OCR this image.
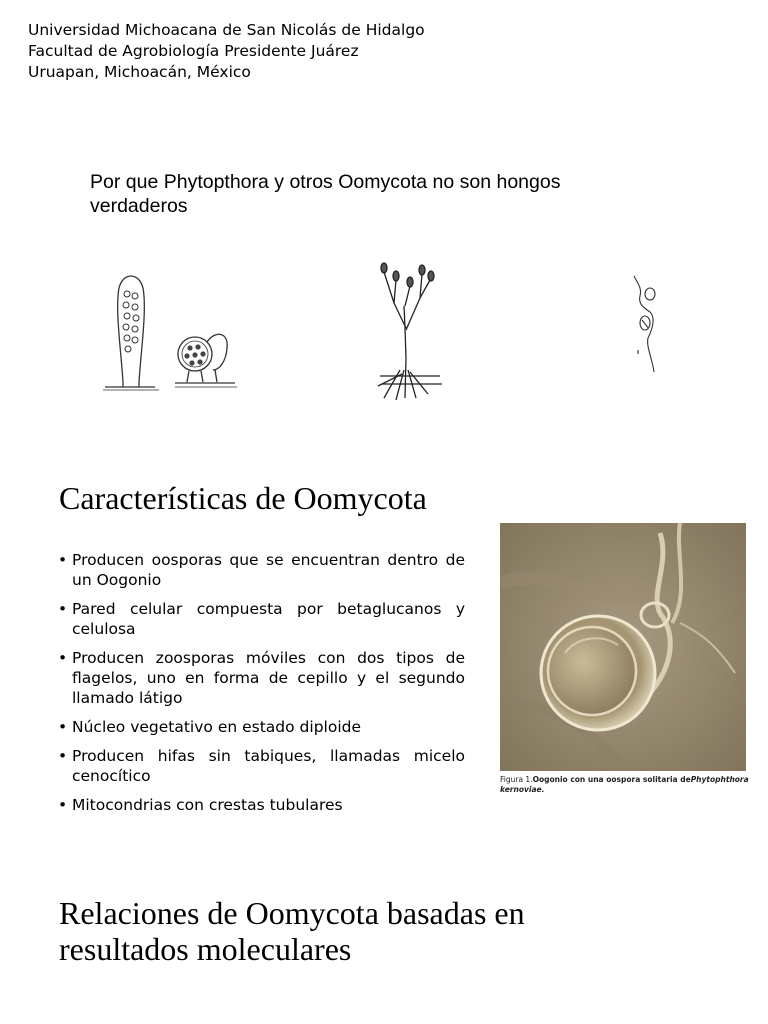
Universidad Michoacana de San Nicolás de Hidalgo
Facultad de Agrobiología Presidente Juárez
Uruapan, Michoacán, México
Por que Phytopthora y otros Oomycota no son hongos verdaderos
Características de Oomycota
• Producen oosporas que se encuentran dentro de un Oogonio
• Pared celular compuesta por betaglucanos y celulosa
• Producen zoosporas móviles con dos tipos de flagelos, uno en forma de cepillo y el segundo llamado látigo
• Núcleo vegetativo en estado diploide
• Producen hifas sin tabiques, llamadas micelo cenocítico
• Mitocondrias con crestas tubulares
Figura 1.Oogonio con una oospora solitaria dePhytophthora kernoviae.
Relaciones de Oomycota basadas en resultados moleculares
